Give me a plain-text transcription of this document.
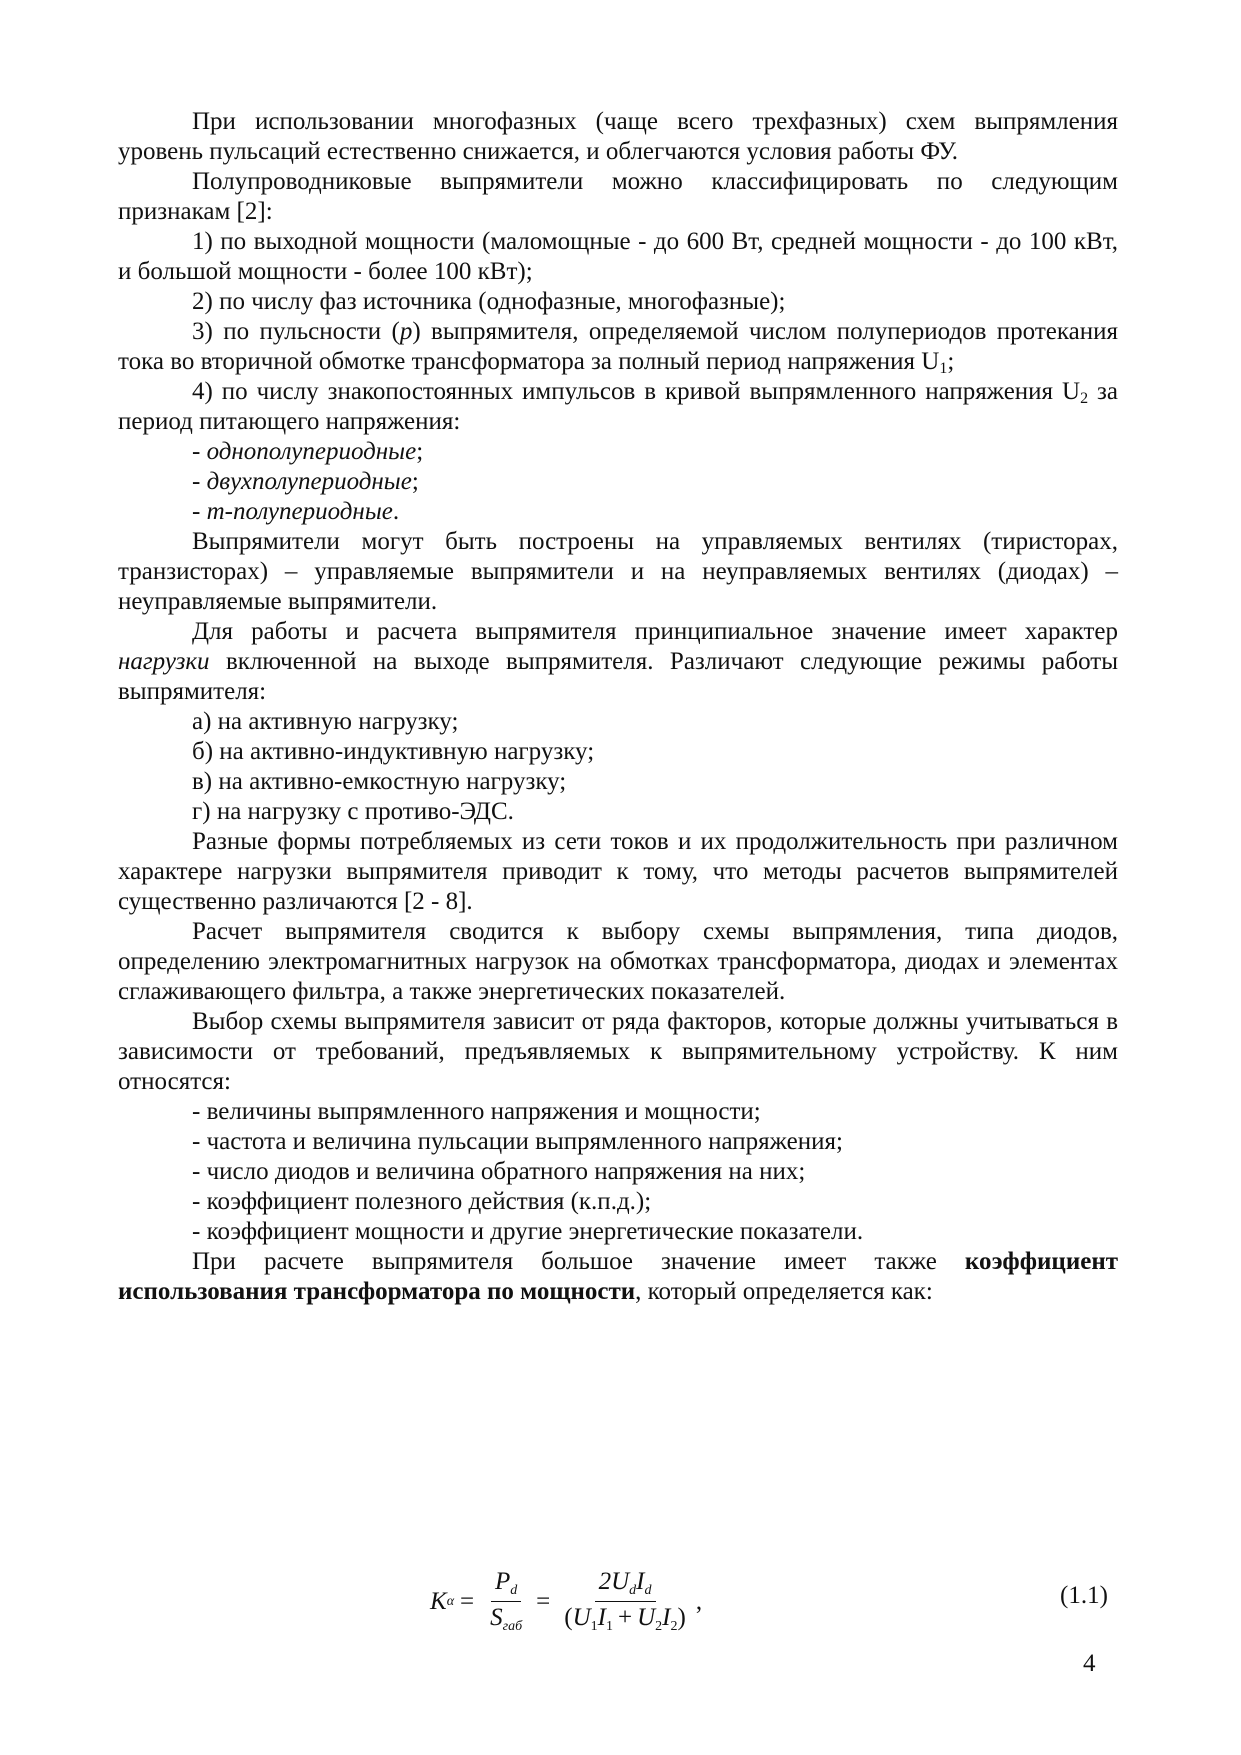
При использовании многофазных (чаще всего трехфазных) схем выпрямления уровень пульсаций естественно снижается, и облегчаются условия работы ФУ.

Полупроводниковые выпрямители можно классифицировать по следующим признакам [2]:

1) по выходной мощности (маломощные - до 600 Вт, средней мощности - до 100 кВт, и большой мощности - более 100 кВт);

2) по числу фаз источника (однофазные, многофазные);

3) по пульсности (p) выпрямителя, определяемой числом полупериодов протекания тока во вторичной обмотке трансформатора за полный период напряжения $U_1$;

4) по числу знакопостоянных импульсов в кривой выпрямленного напряжения $U_2$ за период питающего напряжения:

- однополупериодные;

- двухполупериодные;

- m-полупериодные.

Выпрямители могут быть построены на управляемых вентилях (тиристорах, транзисторах) – управляемые выпрямители и на неуправляемых вентилях (диодах) – неуправляемые выпрямители.

Для работы и расчета выпрямителя принципиальное значение имеет характер нагрузки включенной на выходе выпрямителя. Различают следующие режимы работы выпрямителя:

а) на активную нагрузку;

б) на активно-индуктивную нагрузку;

в) на активно-емкостную нагрузку;

г) на нагрузку с противо-ЭДС.

Разные формы потребляемых из сети токов и их продолжительность при различном характере нагрузки выпрямителя приводит к тому, что методы расчетов выпрямителей существенно различаются [2 - 8].

Расчет выпрямителя сводится к выбору схемы выпрямления, типа диодов, определению электромагнитных нагрузок на обмотках трансформатора, диодах и элементах сглаживающего фильтра, а также энергетических показателей.

Выбор схемы выпрямителя зависит от ряда факторов, которые должны учитываться в зависимости от требований, предъявляемых к выпрямительному устройству. К ним относятся:

- величины выпрямленного напряжения и мощности;

- частота и величина пульсации выпрямленного напряжения;

- число диодов и величина обратного напряжения на них;

- коэффициент полезного действия (к.п.д.);

- коэффициент мощности и другие энергетические показатели.

При расчете выпрямителя большое значение имеет также коэффициент использования трансформатора по мощности, который определяется как:

K $\alpha = \frac{P_d}{S_{габ}} = \frac{2U_dI_d}{(U_1I_1 + U_2I_2)}$ ,	(1.1)
4
